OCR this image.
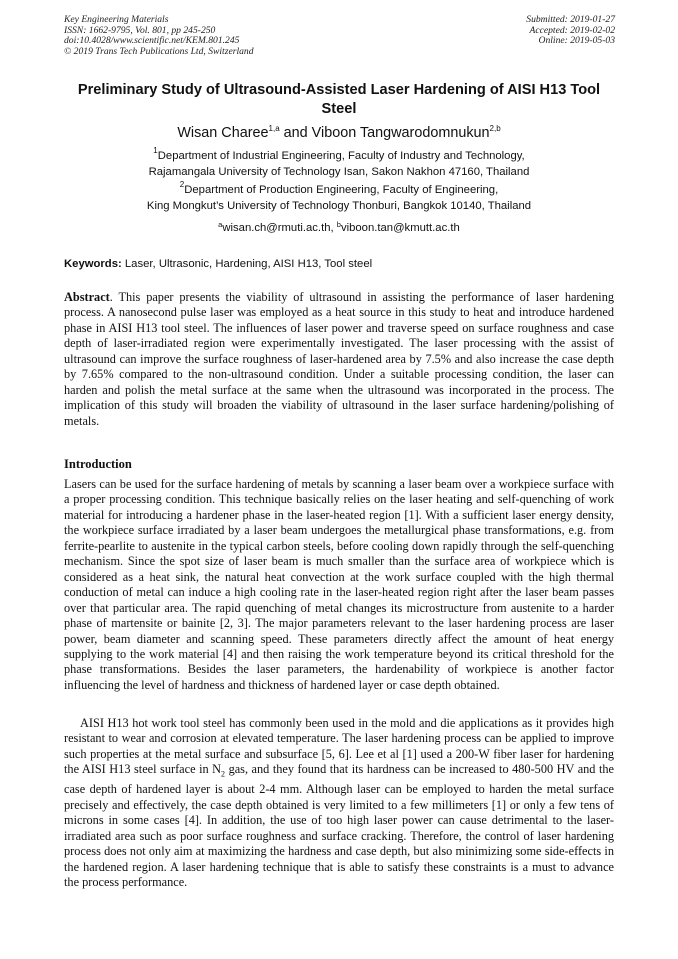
Key Engineering Materials
ISSN: 1662-9795, Vol. 801, pp 245-250
doi:10.4028/www.scientific.net/KEM.801.245
© 2019 Trans Tech Publications Ltd, Switzerland
Submitted: 2019-01-27
Accepted: 2019-02-02
Online: 2019-05-03
Preliminary Study of Ultrasound-Assisted Laser Hardening of AISI H13 Tool Steel
Wisan Charee$^{1,a}$ and Viboon Tangwarodomnukun$^{2,b}$
$^1$Department of Industrial Engineering, Faculty of Industry and Technology,
Rajamangala University of Technology Isan, Sakon Nakhon 47160, Thailand
$^2$Department of Production Engineering, Faculty of Engineering,
King Mongkut’s University of Technology Thonburi, Bangkok 10140, Thailand
$^a$wisan.ch@rmuti.ac.th, $^b$viboon.tan@kmutt.ac.th
Keywords: Laser, Ultrasonic, Hardening, AISI H13, Tool steel

Abstract. This paper presents the viability of ultrasound in assisting the performance of laser hardening process. A nanosecond pulse laser was employed as a heat source in this study to heat and introduce hardened phase in AISI H13 tool steel. The influences of laser power and traverse speed on surface roughness and case depth of laser-irradiated region were experimentally investigated. The laser processing with the assist of ultrasound can improve the surface roughness of laser-hardened area by 7.5% and also increase the case depth by 7.65% compared to the non-ultrasound condition. Under a suitable processing condition, the laser can harden and polish the metal surface at the same when the ultrasound was incorporated in the process. The implication of this study will broaden the viability of ultrasound in the laser surface hardening/polishing of metals.

Introduction

Lasers can be used for the surface hardening of metals by scanning a laser beam over a workpiece surface with a proper processing condition. This technique basically relies on the laser heating and self-quenching of work material for introducing a hardener phase in the laser-heated region [1]. With a sufficient laser energy density, the workpiece surface irradiated by a laser beam undergoes the metallurgical phase transformations, e.g. from ferrite-pearlite to austenite in the typical carbon steels, before cooling down rapidly through the self-quenching mechanism. Since the spot size of laser beam is much smaller than the surface area of workpiece which is considered as a heat sink, the natural heat convection at the work surface coupled with the high thermal conduction of metal can induce a high cooling rate in the laser-heated region right after the laser beam passes over that particular area. The rapid quenching of metal changes its microstructure from austenite to a harder phase of martensite or bainite [2, 3]. The major parameters relevant to the laser hardening process are laser power, beam diameter and scanning speed. These parameters directly affect the amount of heat energy supplying to the work material [4] and then raising the work temperature beyond its critical threshold for the phase transformations. Besides the laser parameters, the hardenability of workpiece is another factor influencing the level of hardness and thickness of hardened layer or case depth obtained.

AISI H13 hot work tool steel has commonly been used in the mold and die applications as it provides high resistant to wear and corrosion at elevated temperature. The laser hardening process can be applied to improve such properties at the metal surface and subsurface [5, 6]. Lee et al [1] used a 200-W fiber laser for hardening the AISI H13 steel surface in $N_2$ gas, and they found that its hardness can be increased to 480-500 HV and the case depth of hardened layer is about 2-4 mm. Although laser can be employed to harden the metal surface precisely and effectively, the case depth obtained is very limited to a few millimeters [1] or only a few tens of microns in some cases [4]. In addition, the use of too high laser power can cause detrimental to the laser-irradiated area such as poor surface roughness and surface cracking. Therefore, the control of laser hardening process does not only aim at maximizing the hardness and case depth, but also minimizing some side-effects in the hardened region. A laser hardening technique that is able to satisfy these constraints is a must to advance the process performance.
